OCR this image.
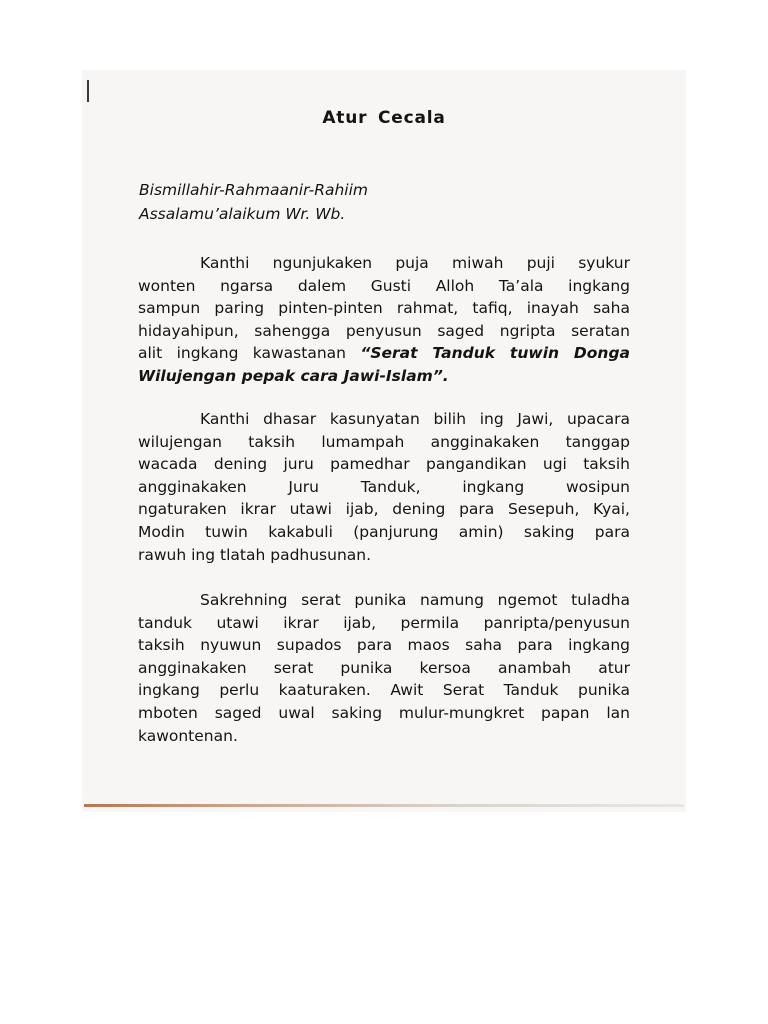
Atur Cecala

Bismillahir-Rahmaanir-Rahiim

Assalamu’alaikum Wr. Wb.

Kanthi ngunjukaken puja miwah puji syukur
wonten ngarsa dalem Gusti Alloh Ta’ala ingkang
sampun paring pinten-pinten rahmat, tafiq, inayah saha
hidayahipun, sahengga penyusun saged ngripta seratan
alit ingkang kawastanan “Serat Tanduk tuwin Donga
Wilujengan pepak cara Jawi-Islam”.
Kanthi dhasar kasunyatan bilih ing Jawi, upacara
wilujengan taksih lumampah angginakaken tanggap
wacada dening juru pamedhar pangandikan ugi taksih
angginakaken Juru Tanduk, ingkang wosipun
ngaturaken ikrar utawi ijab, dening para Sesepuh, Kyai,
Modin tuwin kakabuli (panjurung amin) saking para
rawuh ing tlatah padhusunan.
Sakrehning serat punika namung ngemot tuladha
tanduk utawi ikrar ijab, permila panripta/penyusun
taksih nyuwun supados para maos saha para ingkang
angginakaken serat punika kersoa anambah atur
ingkang perlu kaaturaken. Awit Serat Tanduk punika
mboten saged uwal saking mulur-mungkret papan lan
kawontenan.
